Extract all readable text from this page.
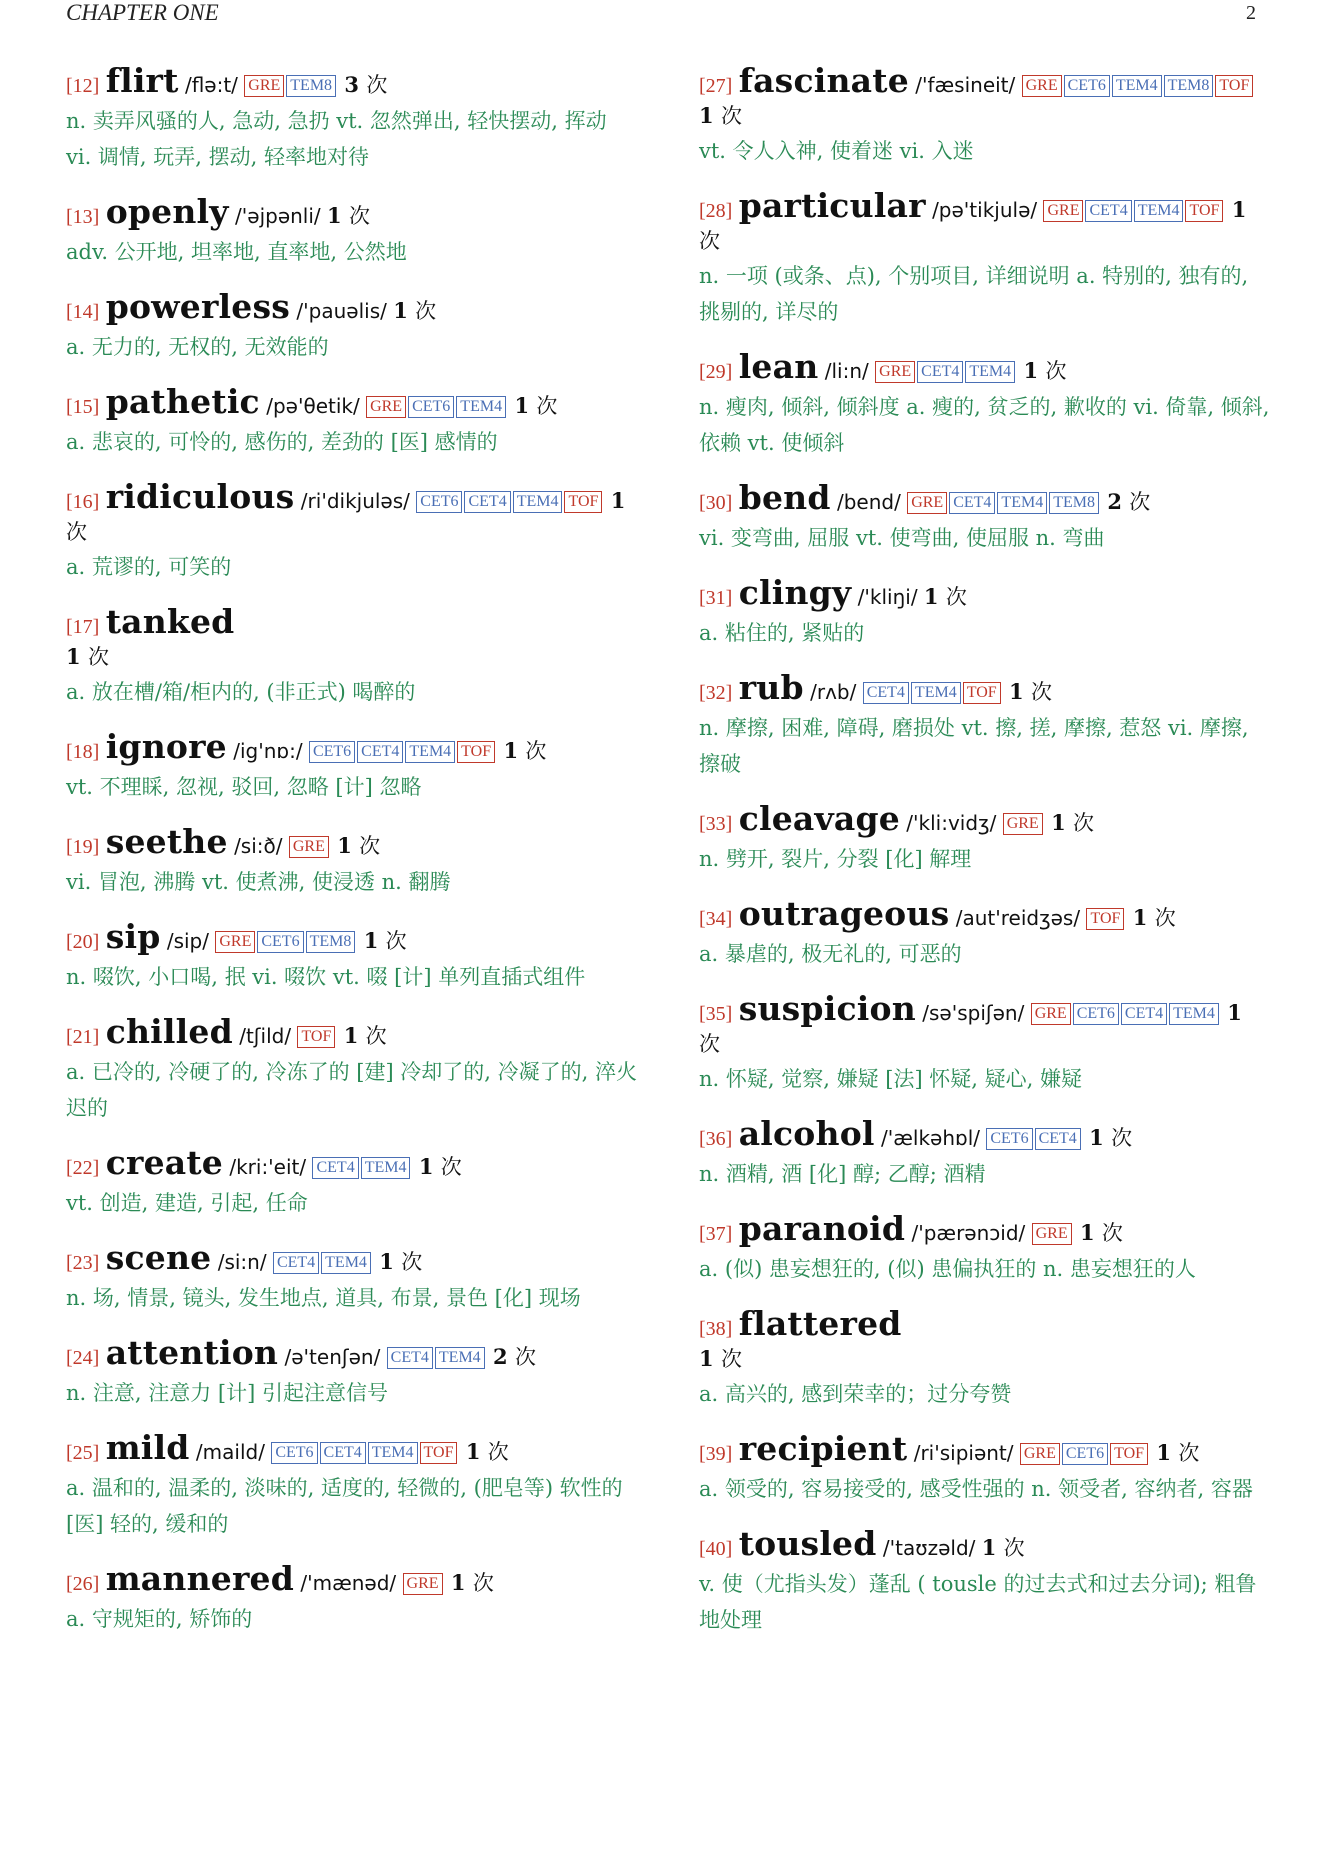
CHAPTER ONE	2
[12] flirt /flə:t/ GRE TEM8 3 次
n. 卖弄风骚的人, 急动, 急扔 vt. 忽然弹出, 轻快摆动, 挥动 vi. 调情, 玩弄, 摆动, 轻率地对待
[13] openly /'əjpənli/ 1 次
adv. 公开地, 坦率地, 直率地, 公然地
[14] powerless /'pauəlis/ 1 次
a. 无力的, 无权的, 无效能的
[15] pathetic /pə'θetik/ GRE CET6 TEM4 1 次
a. 悲哀的, 可怜的, 感伤的, 差劲的 [医] 感情的
[16] ridiculous /ri'dikjuləs/ CET6 CET4 TEM4 TOF 1 次
a. 荒谬的, 可笑的
[17] tanked
1 次
a. 放在槽/箱/柜内的, (非正式) 喝醉的
[18] ignore /ig'nɒ:/ CET6 CET4 TEM4 TOF 1 次
vt. 不理睬, 忽视, 驳回, 忽略 [计] 忽略
[19] seethe /si:ð/ GRE 1 次
vi. 冒泡, 沸腾 vt. 使煮沸, 使浸透 n. 翻腾
[20] sip /sip/ GRE CET6 TEM8 1 次
n. 啜饮, 小口喝, 抿 vi. 啜饮 vt. 啜 [计] 单列直插式组件
[21] chilled /tʃild/ TOF 1 次
a. 已冷的, 冷硬了的, 冷冻了的 [建] 冷却了的, 冷凝了的, 淬火迟的
[22] create /kri:'eit/ CET4 TEM4 1 次
vt. 创造, 建造, 引起, 任命
[23] scene /si:n/ CET4 TEM4 1 次
n. 场, 情景, 镜头, 发生地点, 道具, 布景, 景色 [化] 现场
[24] attention /ə'tenʃən/ CET4 TEM4 2 次
n. 注意, 注意力 [计] 引起注意信号
[25] mild /maild/ CET6 CET4 TEM4 TOF 1 次
a. 温和的, 温柔的, 淡味的, 适度的, 轻微的, (肥皂等) 软性的 [医] 轻的, 缓和的
[26] mannered /'mænəd/ GRE 1 次
a. 守规矩的, 矫饰的
[27] fascinate /'fæsineit/ GRE CET6 TEM4 TEM8 TOF 1 次
vt. 令人入神, 使着迷 vi. 入迷
[28] particular /pə'tikjulə/ GRE CET4 TEM4 TOF 1 次
n. 一项 (或条、点), 个别项目, 详细说明 a. 特别的, 独有的, 挑剔的, 详尽的
[29] lean /li:n/ GRE CET4 TEM4 1 次
n. 瘦肉, 倾斜, 倾斜度 a. 瘦的, 贫乏的, 歉收的 vi. 倚靠, 倾斜, 依赖 vt. 使倾斜
[30] bend /bend/ GRE CET4 TEM4 TEM8 2 次
vi. 变弯曲, 屈服 vt. 使弯曲, 使屈服 n. 弯曲
[31] clingy /'kliŋi/ 1 次
a. 粘住的, 紧贴的
[32] rub /rʌb/ CET4 TEM4 TOF 1 次
n. 摩擦, 困难, 障碍, 磨损处 vt. 擦, 搓, 摩擦, 惹怒 vi. 摩擦, 擦破
[33] cleavage /'kli:vidʒ/ GRE 1 次
n. 劈开, 裂片, 分裂 [化] 解理
[34] outrageous /aut'reidʒəs/ TOF 1 次
a. 暴虐的, 极无礼的, 可恶的
[35] suspicion /sə'spiʃən/ GRE CET6 CET4 TEM4 1 次
n. 怀疑, 觉察, 嫌疑 [法] 怀疑, 疑心, 嫌疑
[36] alcohol /'ælkəhɒl/ CET6 CET4 1 次
n. 酒精, 酒 [化] 醇; 乙醇; 酒精
[37] paranoid /'pærənɔid/ GRE 1 次
a. (似) 患妄想狂的, (似) 患偏执狂的 n. 患妄想狂的人
[38] flattered
1 次
a. 高兴的, 感到荣幸的；过分夸赞
[39] recipient /ri'sipiənt/ GRE CET6 TOF 1 次
a. 领受的, 容易接受的, 感受性强的 n. 领受者, 容纳者, 容器
[40] tousled /'taʊzəld/ 1 次
v. 使（尤指头发）蓬乱 ( tousle 的过去式和过去分词); 粗鲁地处理
